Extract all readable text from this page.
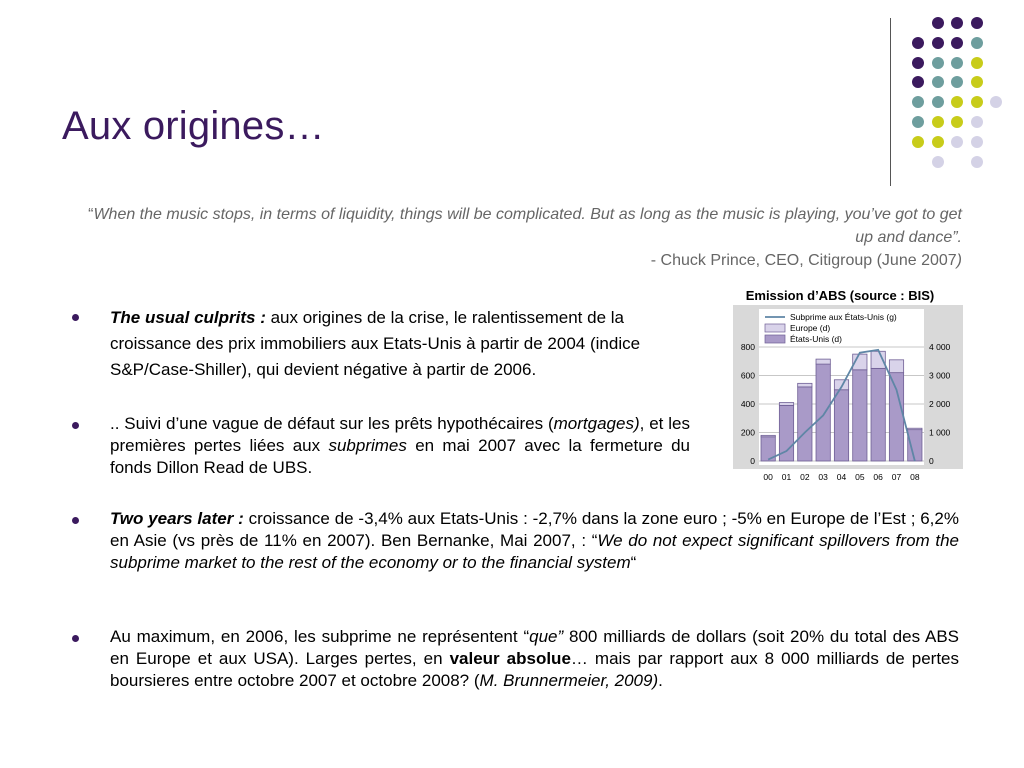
Aux origines…
“When the music stops, in terms of liquidity, things will be complicated. But as long as the music is playing, you’ve got to get up and dance”.
- Chuck Prince, CEO, Citigroup (June 2007)
Emission d’ABS (source : BIS)
0
200
400
600
800
0
1 000
2 000
3 000
4 000
00 01 02 03 04 05 06 07 08
Subprime aux États-Unis (g)
Europe (d)
États-Unis (d)
The usual culprits : aux origines de la crise, le ralentissement de la croissance des prix immobiliers aux Etats-Unis à partir de 2004 (indice S&P/Case-Shiller), qui devient négative à partir de 2006.
.. Suivi d’une vague de défaut sur les prêts hypothécaires (mortgages), et les premières pertes liées aux subprimes en mai 2007 avec la fermeture du fonds Dillon Read de UBS.
Two years later : croissance de -3,4% aux Etats-Unis : -2,7% dans la zone euro ; -5% en Europe de l’Est ; 6,2% en Asie (vs près de 11% en 2007). Ben Bernanke, Mai 2007, : “We do not expect significant spillovers from the subprime market to the rest of the economy or to the financial system“
Au maximum, en 2006, les subprime ne représentent “que” 800 milliards de dollars (soit 20% du total des ABS en Europe et aux USA). Larges pertes, en valeur absolue… mais par rapport aux 8 000 milliards de pertes boursieres entre octobre 2007 et octobre 2008? (M. Brunnermeier, 2009).
